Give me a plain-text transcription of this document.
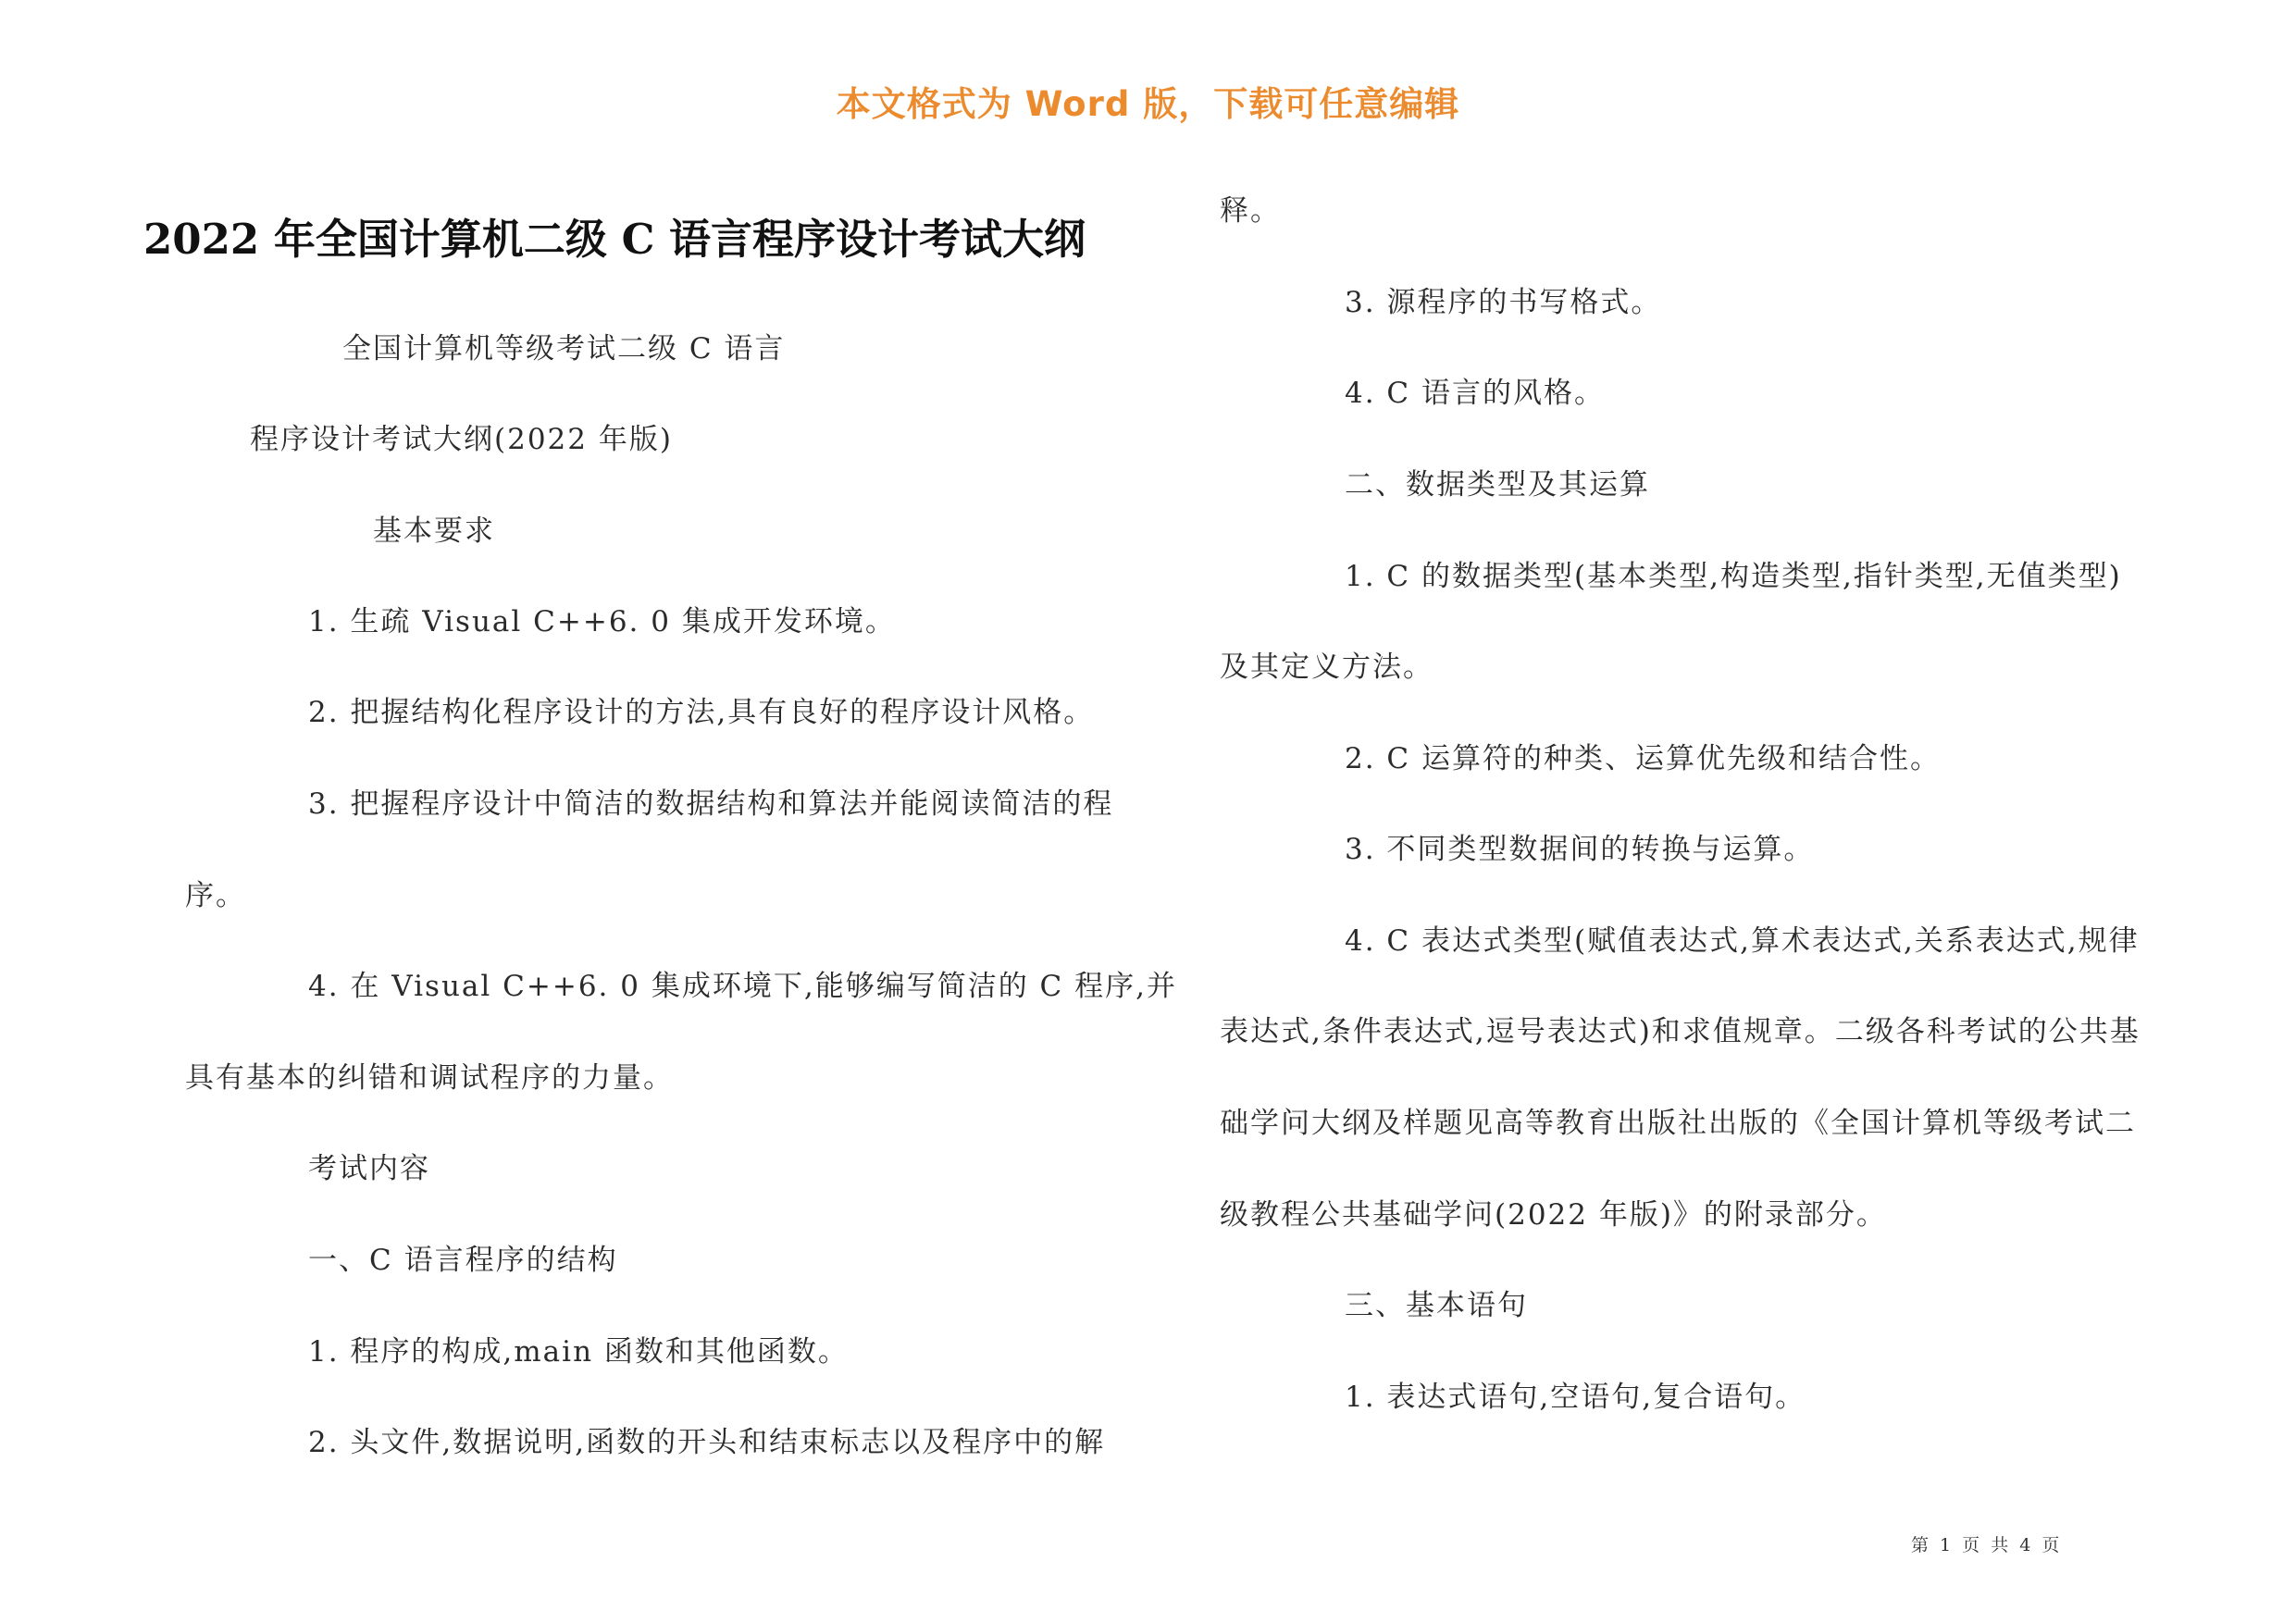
本文格式为 Word 版，下载可任意编辑
2022 年全国计算机二级 C 语言程序设计考试大纲
全国计算机等级考试二级 C 语言
程序设计考试大纲(2022 年版)
基本要求
1. 生疏 Visual C++6. 0 集成开发环境。
2. 把握结构化程序设计的方法,具有良好的程序设计风格。
3. 把握程序设计中简洁的数据结构和算法并能阅读简洁的程
序。
4. 在 Visual C++6. 0 集成环境下,能够编写简洁的 C 程序,并
具有基本的纠错和调试程序的力量。
考试内容
一、C 语言程序的结构
1. 程序的构成,main 函数和其他函数。
2. 头文件,数据说明,函数的开头和结束标志以及程序中的解
释。
3. 源程序的书写格式。
4. C 语言的风格。
二、数据类型及其运算
1. C 的数据类型(基本类型,构造类型,指针类型,无值类型)
及其定义方法。
2. C 运算符的种类、运算优先级和结合性。
3. 不同类型数据间的转换与运算。
4. C 表达式类型(赋值表达式,算术表达式,关系表达式,规律
表达式,条件表达式,逗号表达式)和求值规章。二级各科考试的公共基
础学问大纲及样题见高等教育出版社出版的《全国计算机等级考试二
级教程公共基础学问(2022 年版)》的附录部分。
三、基本语句
1. 表达式语句,空语句,复合语句。
第 1 页 共 4 页
